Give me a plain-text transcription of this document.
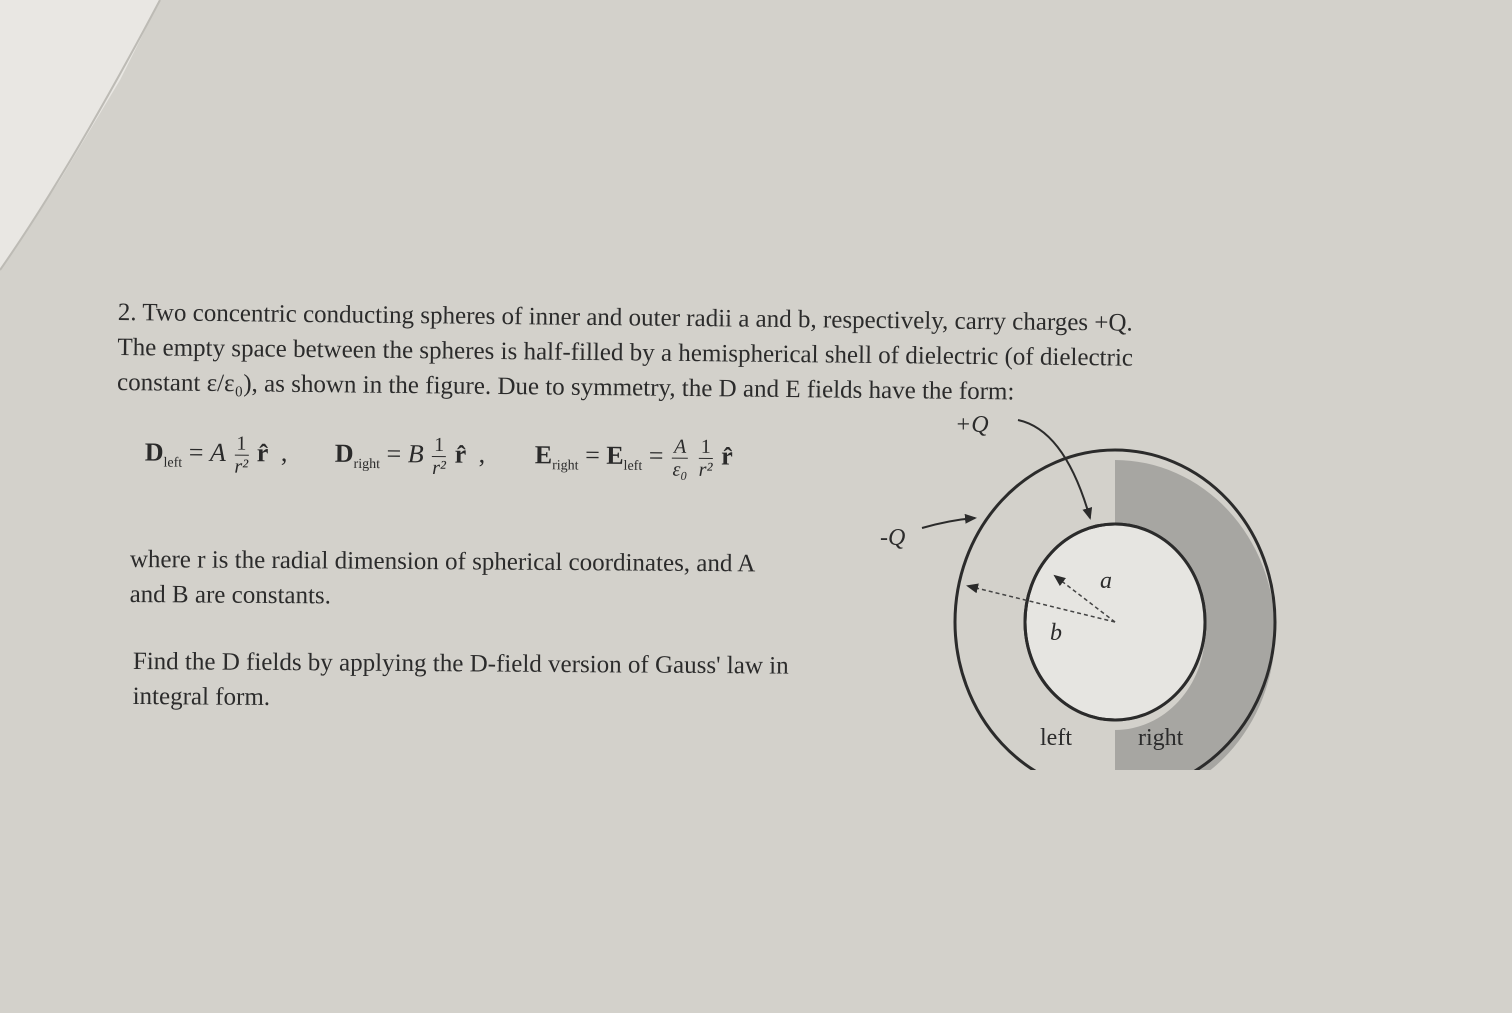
2. Two concentric conducting spheres of inner and outer radii a and b, respectively, carry charges +Q.
The empty space between the spheres is half-filled by a hemispherical shell of dielectric (of dielectric
constant ε/ε₀), as shown in the figure. Due to symmetry, the D and E fields have the form:
$D_{left} = A \frac{1}{\text{r²}}$ r̂ ,	$D_{right} = B \frac{1}{\text{r²}}$ r̂ ,	$E_{right} = E_{left} = \frac{A}{\text{ε₀}}$
$\frac{1}{\text{r²}}$ r̂
where r is the radial dimension of spherical coordinates, and A
and B are constants.
Find the D fields by applying the D-field version of Gauss' law in
integral form.
+Q
-Q
a
b
left	right
